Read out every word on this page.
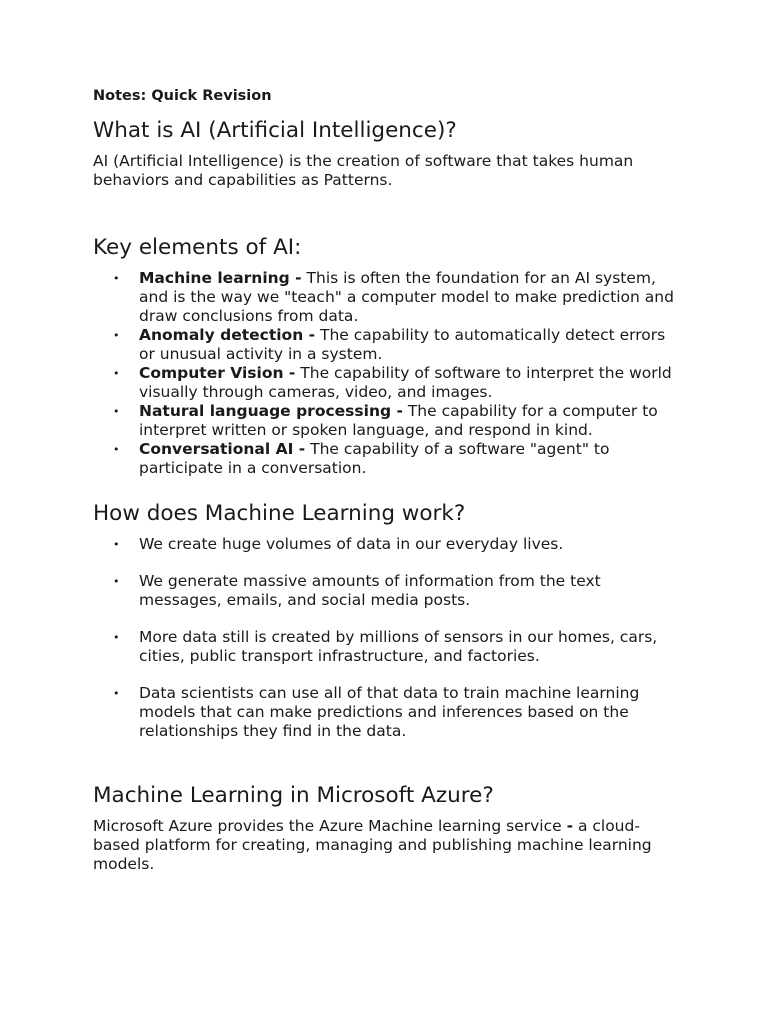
Notes: Quick Revision
What is AI (Artificial Intelligence)?

AI (Artificial Intelligence) is the creation of software that takes human behaviors and capabilities as Patterns.

Key elements of AI:
• Machine learning - This is often the foundation for an AI system, and is the way we "teach" a computer model to make prediction and draw conclusions from data.
• Anomaly detection - The capability to automatically detect errors or unusual activity in a system.
• Computer Vision - The capability of software to interpret the world visually through cameras, video, and images.
• Natural language processing - The capability for a computer to interpret written or spoken language, and respond in kind.
• Conversational AI - The capability of a software "agent" to participate in a conversation.
How does Machine Learning work?
• We create huge volumes of data in our everyday lives.
• We generate massive amounts of information from the text messages, emails, and social media posts.
• More data still is created by millions of sensors in our homes, cars, cities, public transport infrastructure, and factories.
• Data scientists can use all of that data to train machine learning models that can make predictions and inferences based on the relationships they find in the data.
Machine Learning in Microsoft Azure?

Microsoft Azure provides the Azure Machine learning service - a cloud-based platform for creating, managing and publishing machine learning models.
